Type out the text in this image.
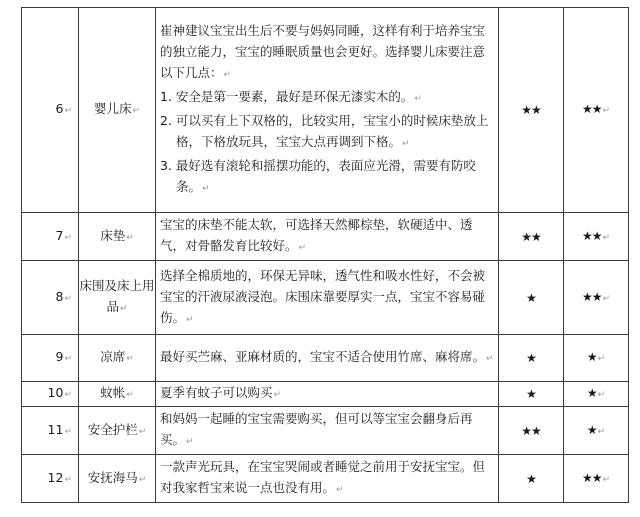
6↵	婴儿床↵	崔神建议宝宝出生后不要与妈妈同睡，这样有利于培养宝宝的独立能力，宝宝的睡眠质量也会更好。选择婴儿床要注意以下几点：↵
1. 安全是第一要素，最好是环保无漆实木的。↵
2. 可以买有上下双格的，比较实用，宝宝小的时候床垫放上格，下格放玩具，宝宝大点再调到下格。↵
3. 最好选有滚轮和摇摆功能的，表面应光滑，需要有防咬条。↵	★★	★★↵
7↵	床垫↵	宝宝的床垫不能太软，可选择天然椰棕垫，软硬适中、透气，对骨骼发育比较好。↵	★★	★★↵
8↵	床围及床上用品↵	选择全棉质地的，环保无异味，透气性和吸水性好，不会被宝宝的汗液尿液浸泡。床围床靠要厚实一点，宝宝不容易碰伤。↵	★	★★↵
9↵	凉席↵	最好买苎麻、亚麻材质的，宝宝不适合使用竹席、麻将席。↵	★	★↵
10↵	蚊帐↵	夏季有蚊子可以购买↵	★	★↵
11↵	安全护栏↵	和妈妈一起睡的宝宝需要购买，但可以等宝宝会翻身后再买。↵	★★	★↵
12↵	安抚海马↵	一款声光玩具，在宝宝哭闹或者睡觉之前用于安抚宝宝。但对我家哲宝来说一点也没有用。↵	★	★★↵
